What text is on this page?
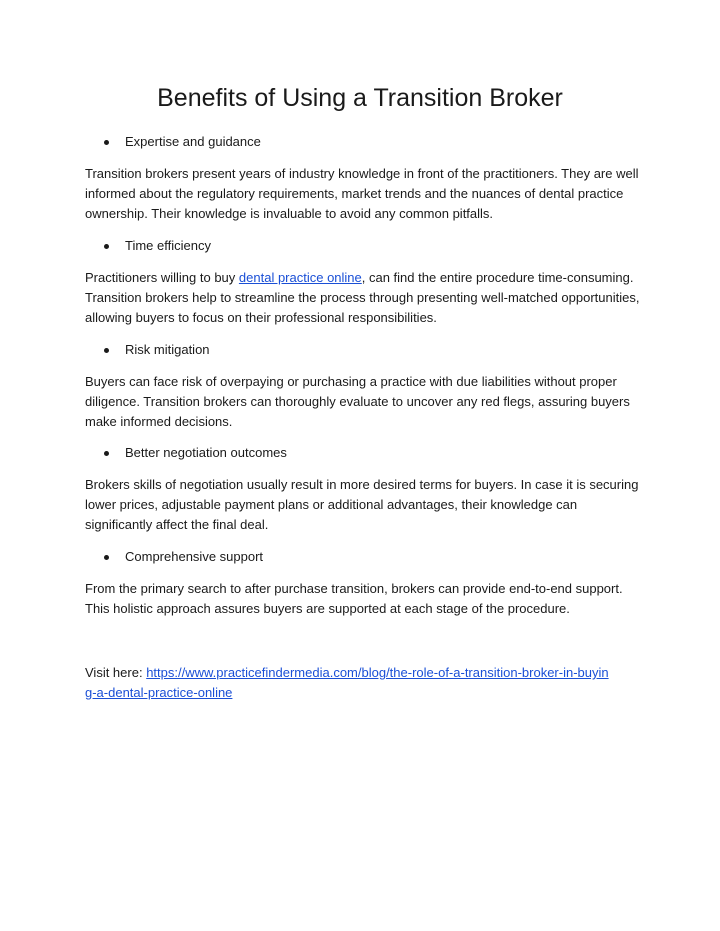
Benefits of Using a Transition Broker
Expertise and guidance

Transition brokers present years of industry knowledge in front of the practitioners. They are well informed about the regulatory requirements, market trends and the nuances of dental practice ownership. Their knowledge is invaluable to avoid any common pitfalls.

Time efficiency

Practitioners willing to buy dental practice online, can find the entire procedure time-consuming. Transition brokers help to streamline the process through presenting well-matched opportunities, allowing buyers to focus on their professional responsibilities.

Risk mitigation

Buyers can face risk of overpaying or purchasing a practice with due liabilities without proper diligence. Transition brokers can thoroughly evaluate to uncover any red flegs, assuring buyers make informed decisions.

Better negotiation outcomes

Brokers skills of negotiation usually result in more desired terms for buyers. In case it is securing lower prices, adjustable payment plans or additional advantages, their knowledge can significantly affect the final deal.

Comprehensive support

From the primary search to after purchase transition, brokers can provide end-to-end support. This holistic approach assures buyers are supported at each stage of the procedure.

Visit here: https://www.practicefindermedia.com/blog/the-role-of-a-transition-broker-in-buying-a-dental-practice-online
